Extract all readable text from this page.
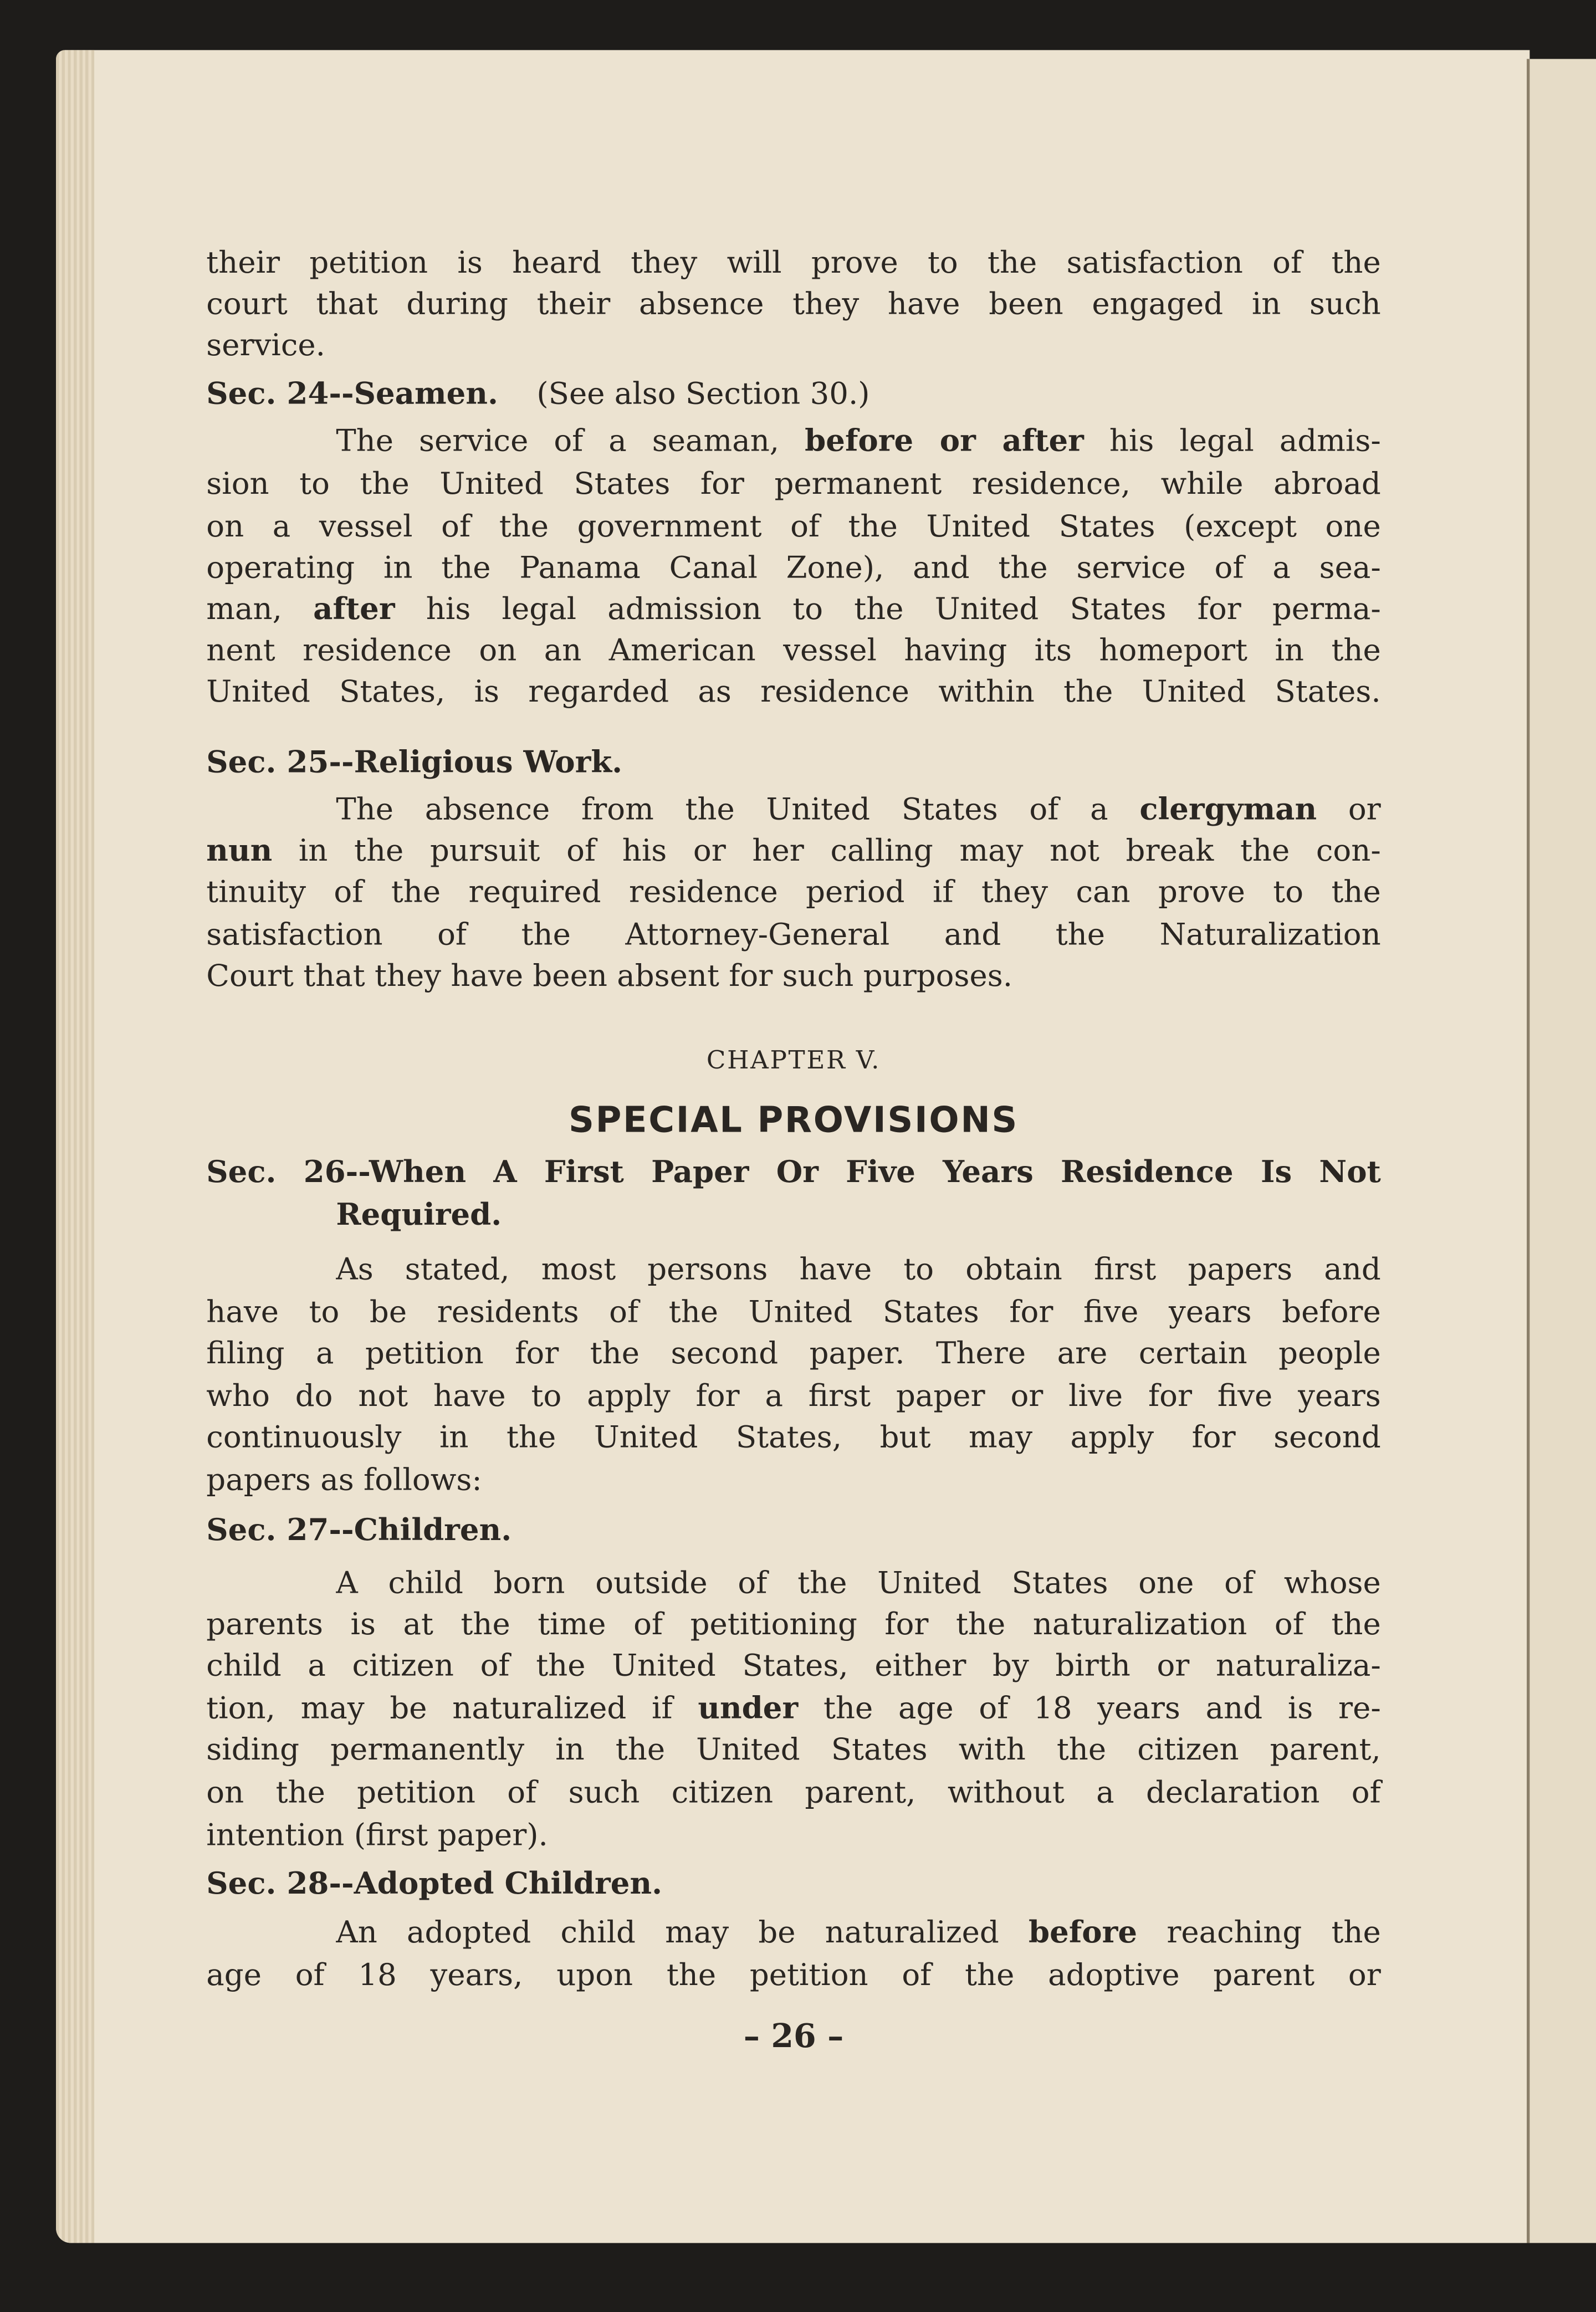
their petition is heard they will prove to the satisfaction of the
court that during their absence they have been engaged in such
service.
Sec. 24--Seamen.    (See also Section 30.)
The service of a seaman, before or after his legal admis-
sion to the United States for permanent residence, while abroad
on a vessel of the government of the United States (except one
operating in the Panama Canal Zone), and the service of a sea-
man, after his legal admission to the United States for perma-
nent residence on an American vessel having its homeport in the
United States, is regarded as residence within the United States.
Sec. 25--Religious Work.
The absence from the United States of a clergyman or
nun in the pursuit of his or her calling may not break the con-
tinuity of the required residence period if they can prove to the
satisfaction of the Attorney-General and the Naturalization
Court that they have been absent for such purposes.
CHAPTER V.
SPECIAL PROVISIONS
Sec. 26--When A First Paper Or Five Years Residence Is Not
Required.
As stated, most persons have to obtain first papers and
have to be residents of the United States for five years before
filing a petition for the second paper. There are certain people
who do not have to apply for a first paper or live for five years
continuously in the United States, but may apply for second
papers as follows:
Sec. 27--Children.
A child born outside of the United States one of whose
parents is at the time of petitioning for the naturalization of the
child a citizen of the United States, either by birth or naturaliza-
tion, may be naturalized if under the age of 18 years and is re-
siding permanently in the United States with the citizen parent,
on the petition of such citizen parent, without a declaration of
intention (first paper).
Sec. 28--Adopted Children.
An adopted child may be naturalized before reaching the
age of 18 years, upon the petition of the adoptive parent or
– 26 –
